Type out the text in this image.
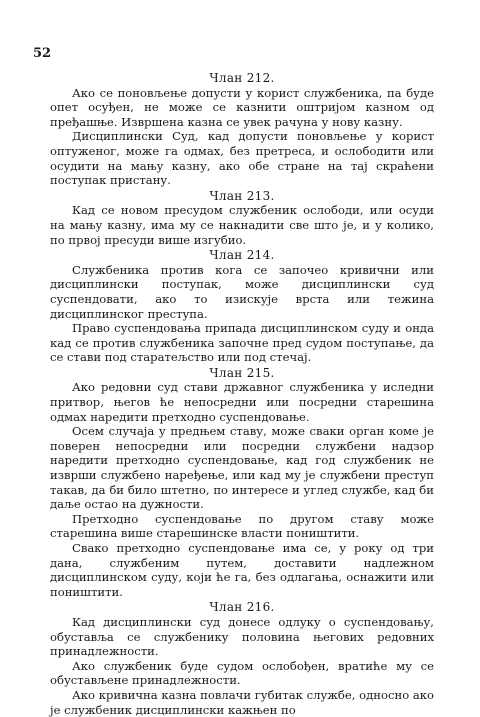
52
Члан 212.

Ако се поновљење допусти у корист службеника, па буде опет осуђен, не може се казнити оштријом казном од пређашње. Извршена казна се увек рачуна у нову казну.

Дисциплински Суд, кад допусти поновљење у корист оптуженог, може га одмах, без претреса, и ослободити или осудити на мању казну, ако обе стране на тај скраћени поступак пристану.

Члан 213.

Кад се новом пресудом службеник ослободи, или осуди на мању казну, има му се накнадити све што је, и у колико, по првој пресуди више изгубио.

Члан 214.

Службеника против кога се започео кривични или дисциплински поступак, може дисциплински суд суспендовати, ако то изискује врста или тежина дисциплинског преступа.

Право суспендовања припада дисциплинском суду и онда кад се против службеника започне пред судом поступање, да се стави под старатељство или под стечај.

Члан 215.

Ако редовни суд стави државног службеника у иследни притвор, његов ће непосредни или посредни старешина одмах наредити претходно суспендовање.

Осем случаја у предњем ставу, може сваки орган коме је поверен непосредни или посредни службени надзор наредити претходно суспендовање, кад год службеник не изврши службено наређење, или кад му је службени преступ такав, да би било штетно, по интересе и углед службе, кад би даље остао на дужности.

Претходно суспендовање по другом ставу може старешина више старешинске власти поништити.

Свако претходно суспендовање има се, у року од три дана, службеним путем, доставити надлежном дисциплинском суду, који ће га, без одлагања, оснажити или поништити.

Члан 216.

Кад дисциплински суд донесе одлуку о суспендовању, обуставља се службенику половина његових редовних принадлежности.

Ако службеник буде судом ослобођен, вратиће му се обустављене принадлежности.

Ако кривична казна повлачи губитак службе, односно ако је службеник дисциплински кажњен по
